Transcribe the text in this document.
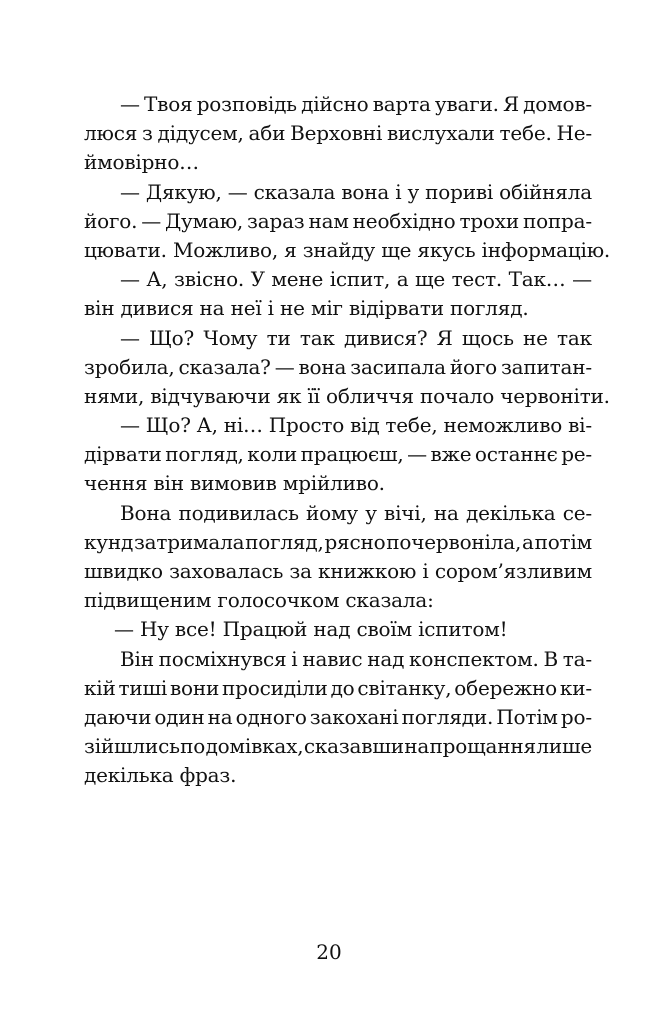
— Твоя розповідь дійсно варта уваги. Я домов-
люся з дідусем, аби Верховні вислухали тебе. Не-
ймовірно…
— Дякую, — сказала вона і у пориві обійняла
його. — Думаю, зараз нам необхідно трохи попра-
цювати. Можливо, я знайду ще якусь інформацію.
— А, звісно. У мене іспит, а ще тест. Так… —
він дивися на неї і не міг відірвати погляд.
— Що? Чому ти так дивися? Я щось не так
зробила, сказала? — вона засипала його запитан-
нями, відчуваючи як її обличчя почало червоніти.
— Що? А, ні… Просто від тебе, неможливо ві-
дірвати погляд, коли працюєш, — вже останнє ре-
чення він вимовив мрійливо.
Вона подивилась йому у вічі, на декілька се-
кунд затримала погляд, рясно почервоніла, а потім
швидко заховалась за книжкою і сором’язливим
підвищеним голосочком сказала:
— Ну все! Працюй над своїм іспитом!
Він посміхнувся і навис над конспектом. В та-
кій тиші вони просиділи до світанку, обережно ки-
даючи один на одного закохані погляди. Потім ро-
зійшлись по домівках, сказавши на прощання лише
декілька фраз.
20
